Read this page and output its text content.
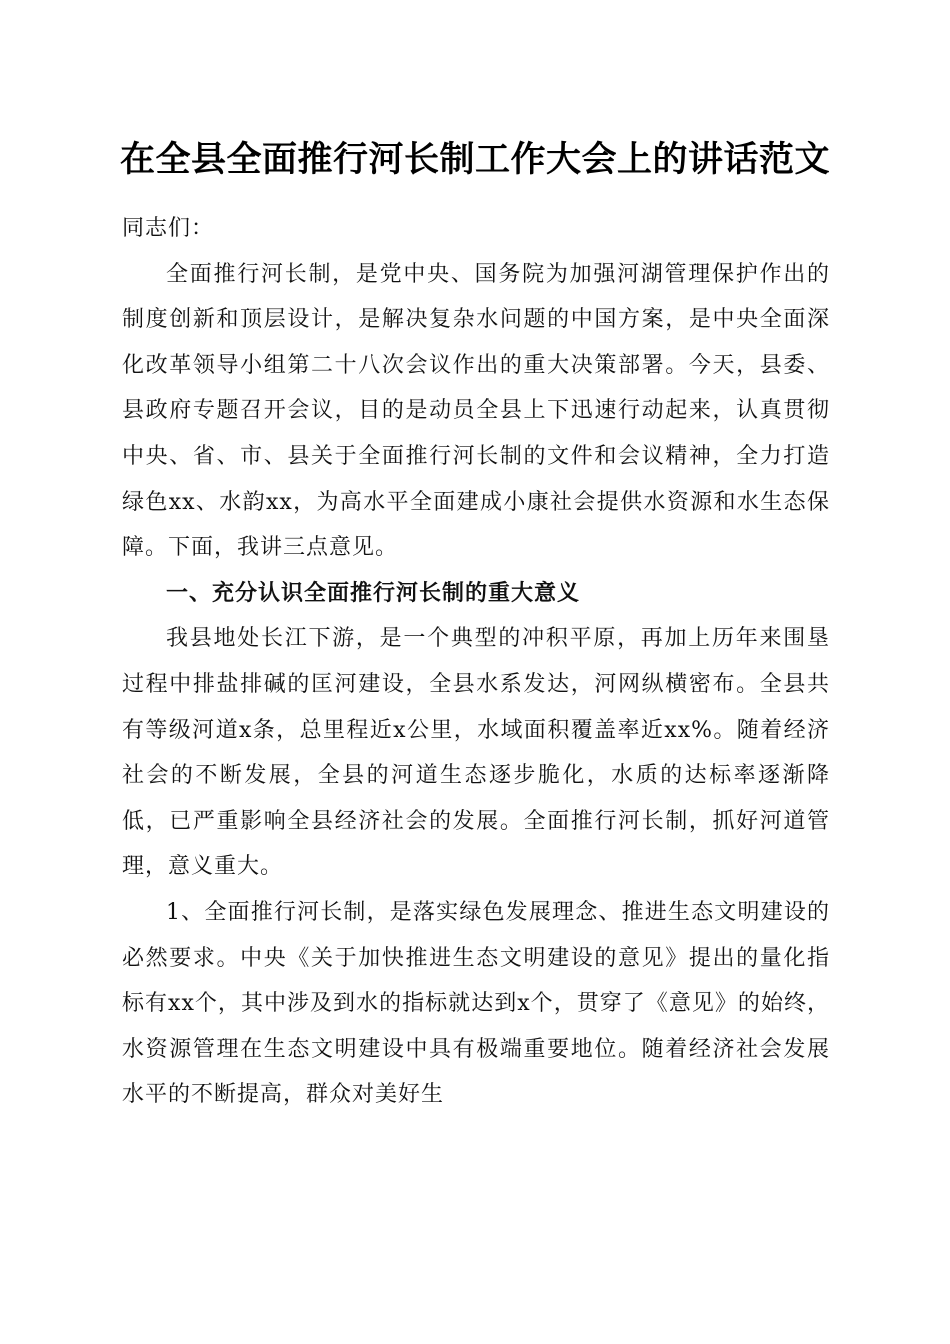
在全县全面推行河长制工作大会上的讲话范文

同志们：

全面推行河长制，是党中央、国务院为加强河湖管理保护作出的制度创新和顶层设计，是解决复杂水问题的中国方案，是中央全面深化改革领导小组第二十八次会议作出的重大决策部署。今天，县委、县政府专题召开会议，目的是动员全县上下迅速行动起来，认真贯彻中央、省、市、县关于全面推行河长制的文件和会议精神，全力打造绿色xx、水韵xx，为高水平全面建成小康社会提供水资源和水生态保障。下面，我讲三点意见。

一、充分认识全面推行河长制的重大意义

我县地处长江下游，是一个典型的冲积平原，再加上历年来围垦过程中排盐排碱的匡河建设，全县水系发达，河网纵横密布。全县共有等级河道x条，总里程近x公里，水域面积覆盖率近xx%。随着经济社会的不断发展，全县的河道生态逐步脆化，水质的达标率逐渐降低，已严重影响全县经济社会的发展。全面推行河长制，抓好河道管理，意义重大。

1、全面推行河长制，是落实绿色发展理念、推进生态文明建设的必然要求。中央《关于加快推进生态文明建设的意见》提出的量化指标有xx个，其中涉及到水的指标就达到x个，贯穿了《意见》的始终，水资源管理在生态文明建设中具有极端重要地位。随着经济社会发展水平的不断提高，群众对美好生
